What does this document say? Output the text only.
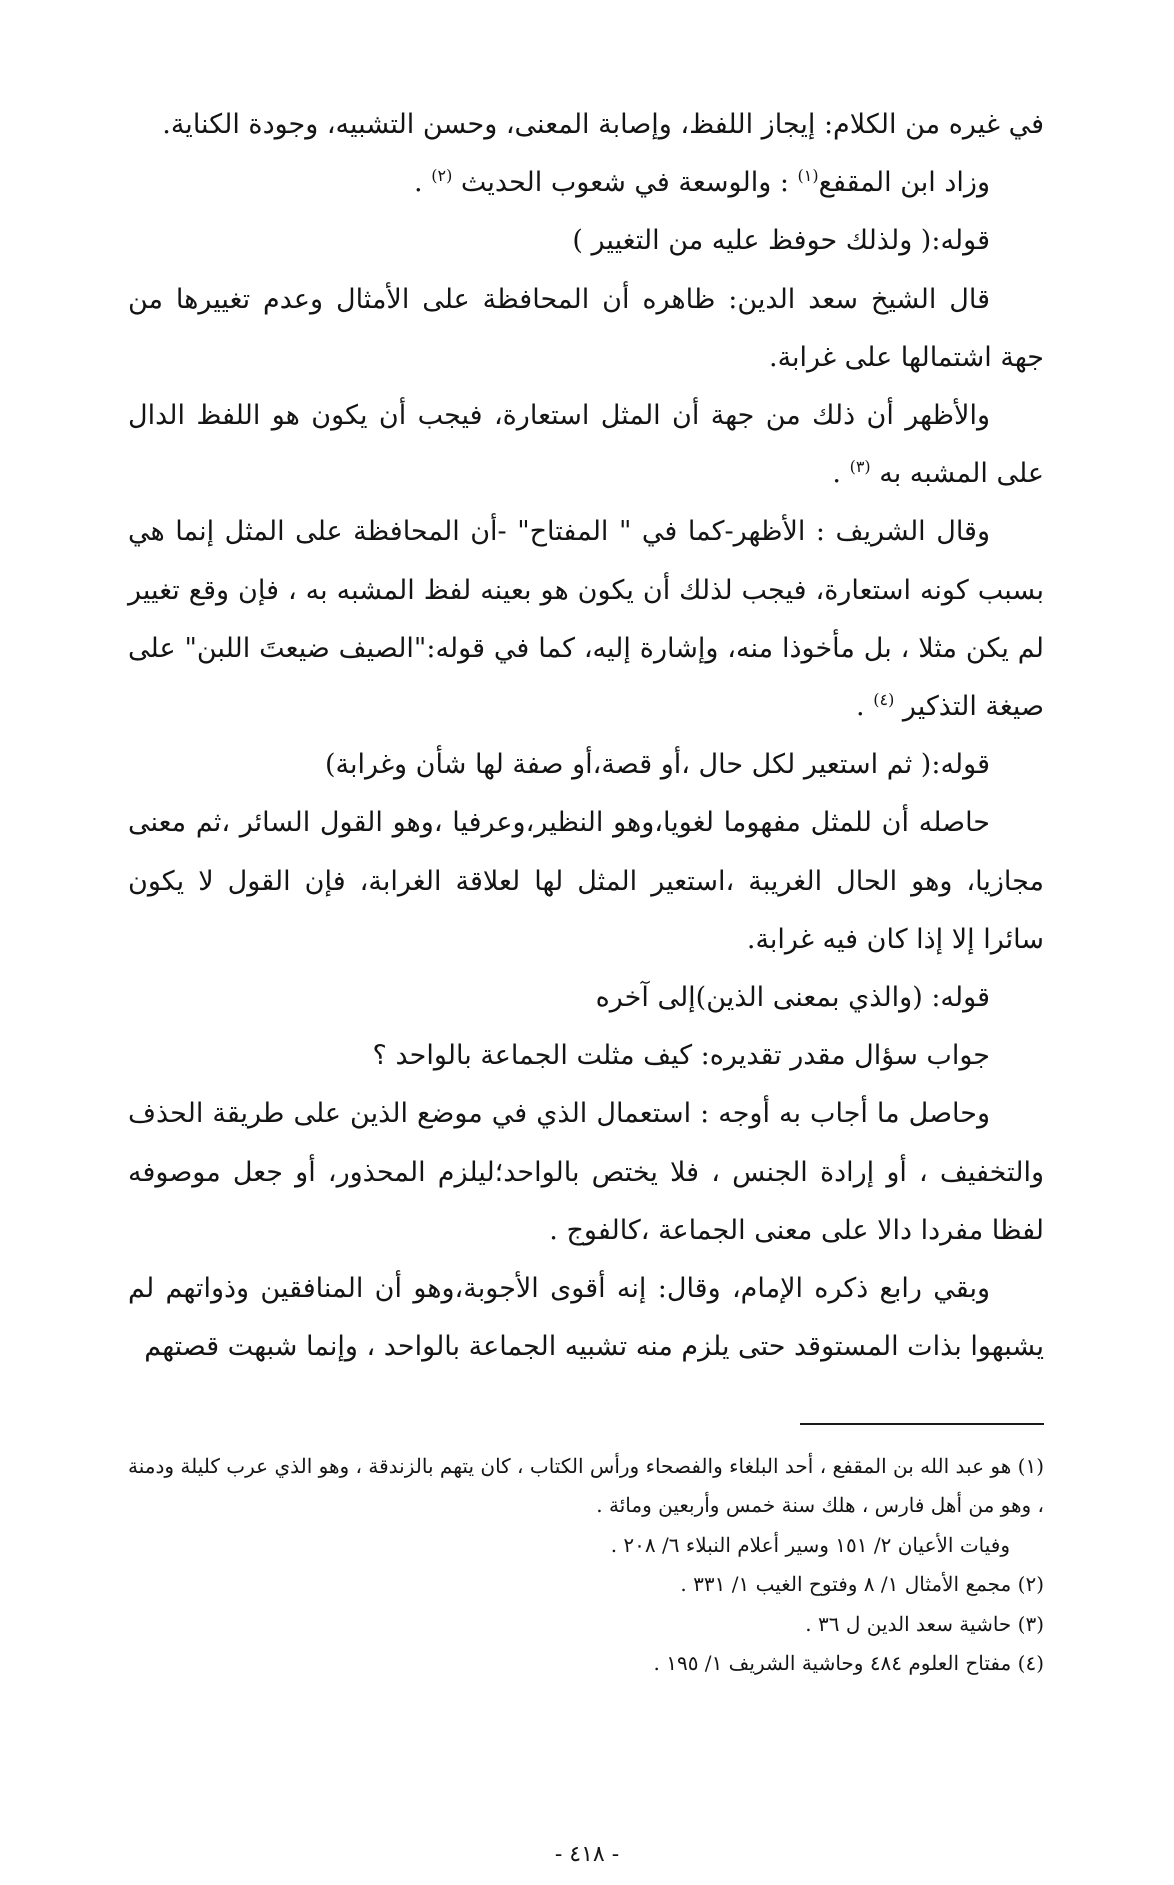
في غيره من الكلام: إيجاز اللفظ، وإصابة المعنى، وحسن التشبيه، وجودة الكناية.

وزاد ابن المقفع$^{(١)}$ : والوسعة في شعوب الحديث $^{(٢)}$ .

قوله:( ولذلك حوفظ عليه من التغيير )

قال الشيخ سعد الدين: ظاهره أن المحافظة على الأمثال وعدم تغييرها من جهة اشتمالها على غرابة.

والأظهر أن ذلك من جهة أن المثل استعارة، فيجب أن يكون هو اللفظ الدال على المشبه به $^{(٣)}$ .

وقال الشريف : الأظهر-كما في " المفتاح" -أن المحافظة على المثل إنما هي بسبب كونه استعارة، فيجب لذلك أن يكون هو بعينه لفظ المشبه به ، فإن وقع تغيير لم يكن مثلا ، بل مأخوذا منه، وإشارة إليه، كما في قوله:"الصيف ضيعتَ اللبن" على صيغة التذكير $^{(٤)}$ .

قوله:( ثم استعير لكل حال ،أو قصة،أو صفة لها شأن وغرابة)

حاصله أن للمثل مفهوما لغويا،وهو النظير،وعرفيا ،وهو القول السائر ،ثم معنى مجازيا، وهو الحال الغريبة ،استعير المثل لها لعلاقة الغرابة، فإن القول لا يكون سائرا إلا إذا كان فيه غرابة.

قوله: (والذي بمعنى الذين)إلى آخره

جواب سؤال مقدر تقديره: كيف مثلت الجماعة بالواحد ؟

وحاصل ما أجاب به أوجه : استعمال الذي في موضع الذين على طريقة الحذف والتخفيف ، أو إرادة الجنس ، فلا يختص بالواحد؛ليلزم المحذور، أو جعل موصوفه لفظا مفردا دالا على معنى الجماعة ،كالفوج .

وبقي رابع ذكره الإمام، وقال: إنه أقوى الأجوبة،وهو أن المنافقين وذواتهم لم يشبهوا بذات المستوقد حتى يلزم منه تشبيه الجماعة بالواحد ، وإنما شبهت قصتهم

(١) هو عبد الله بن المقفع ، أحد البلغاء والفصحاء ورأس الكتاب ، كان يتهم بالزندقة ، وهو الذي عرب كليلة ودمنة ، وهو من أهل فارس ، هلك سنة خمس وأربعين ومائة .

وفيات الأعيان ٢/ ١٥١ وسير أعلام النبلاء ٦/ ٢٠٨ .

(٢) مجمع الأمثال ١/ ٨ وفتوح الغيب ١/ ٣٣١ .

(٣) حاشية سعد الدين ل ٣٦ .

(٤) مفتاح العلوم ٤٨٤ وحاشية الشريف ١/ ١٩٥ .

- ٤١٨ -
